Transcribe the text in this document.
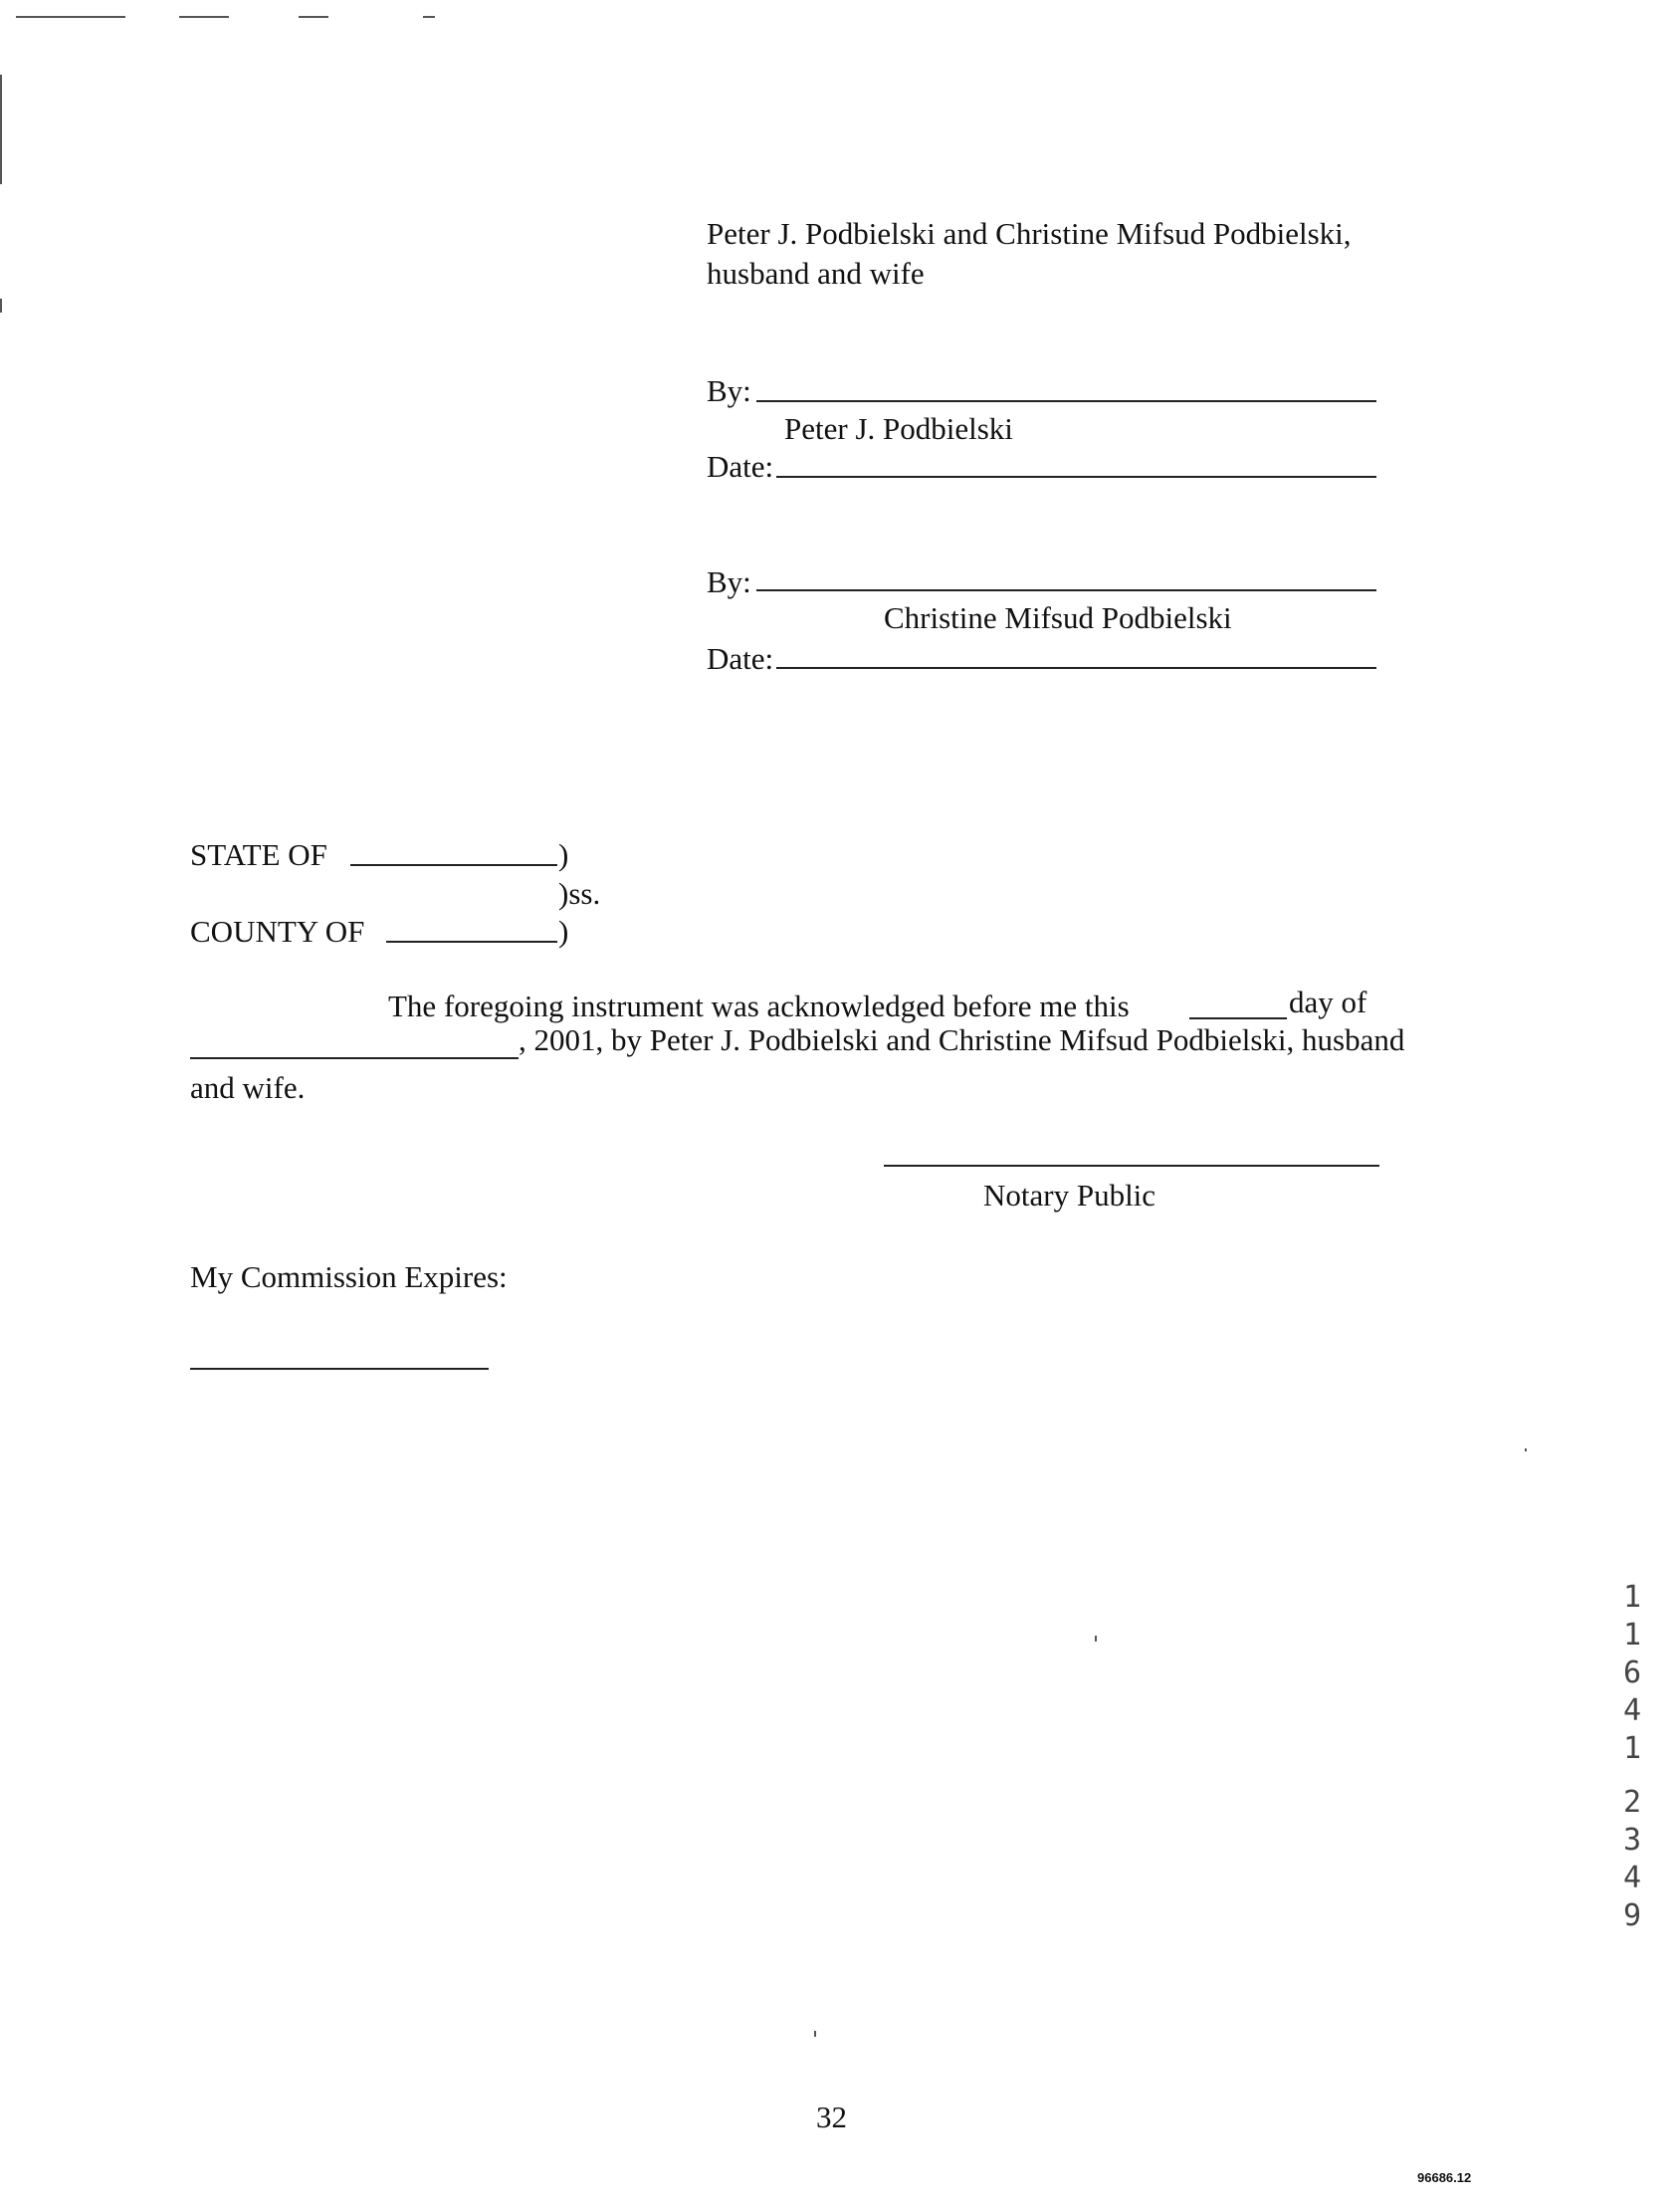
Peter J. Podbielski and Christine Mifsud Podbielski,
husband and wife
By:
Peter J. Podbielski
Date:
By:
Christine Mifsud Podbielski
Date:
STATE OF	)
)ss.
COUNTY OF	)
The foregoing instrument was acknowledged before me this	day of
, 2001, by Peter J. Podbielski and Christine Mifsud Podbielski, husband
and wife.
Notary Public
My Commission Expires:
1
1
6
4
1
2
3
4
9
32
96686.12
